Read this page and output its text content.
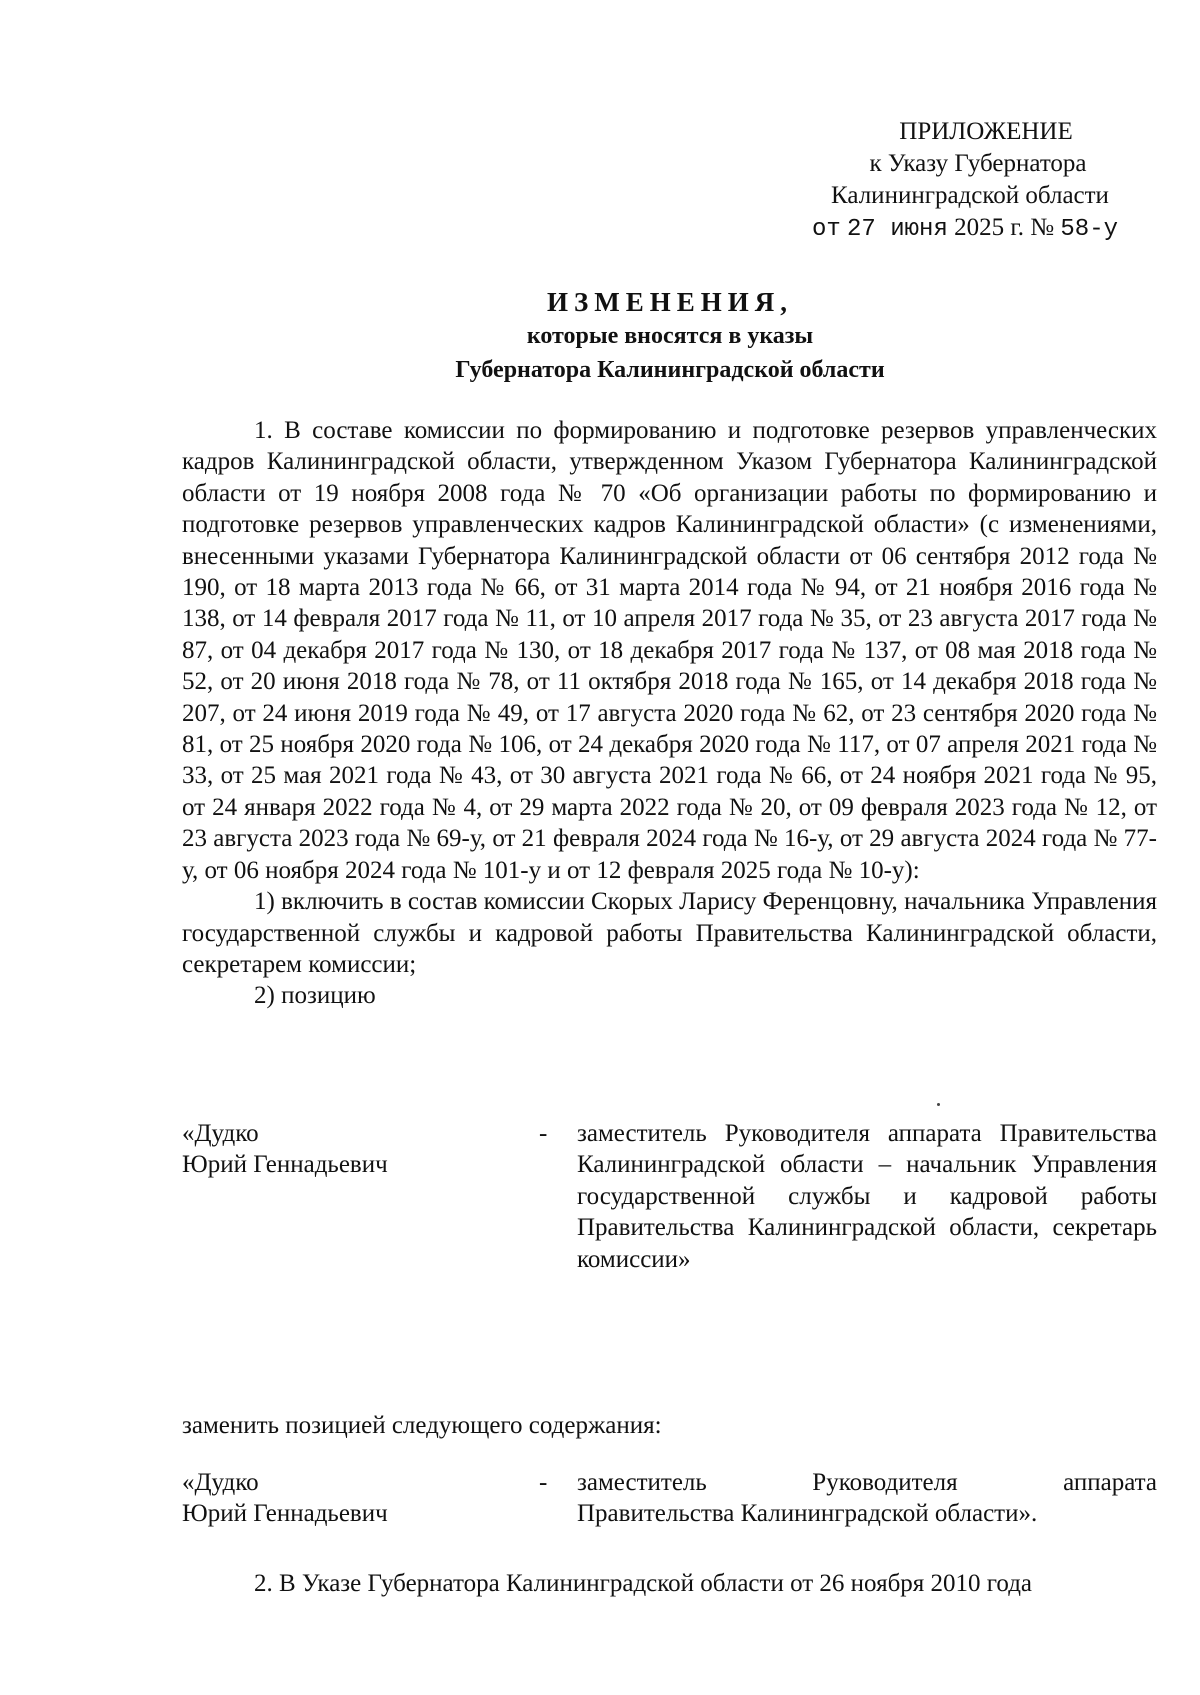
ПРИЛОЖЕНИЕ
к Указу Губернатора
Калининградской области
от 27 июня 2025 г. № 58-у
ИЗМЕНЕНИЯ,
которые вносятся в указы
Губернатора Калининградской области

1. В составе комиссии по формированию и подготовке резервов управленческих кадров Калининградской области, утвержденном Указом Губернатора Калининградской области от 19 ноября 2008 года № 70 «Об организации работы по формированию и подготовке резервов управленческих кадров Калининградской области» (с изменениями, внесенными указами Губернатора Калининградской области от 06 сентября 2012 года № 190, от 18 марта 2013 года № 66, от 31 марта 2014 года № 94, от 21 ноября 2016 года № 138, от 14 февраля 2017 года № 11, от 10 апреля 2017 года № 35, от 23 августа 2017 года № 87, от 04 декабря 2017 года № 130, от 18 декабря 2017 года № 137, от 08 мая 2018 года № 52, от 20 июня 2018 года № 78, от 11 октября 2018 года № 165, от 14 декабря 2018 года № 207, от 24 июня 2019 года № 49, от 17 августа 2020 года № 62, от 23 сентября 2020 года № 81, от 25 ноября 2020 года № 106, от 24 декабря 2020 года № 117, от 07 апреля 2021 года № 33, от 25 мая 2021 года № 43, от 30 августа 2021 года № 66, от 24 ноября 2021 года № 95, от 24 января 2022 года № 4, от 29 марта 2022 года № 20, от 09 февраля 2023 года № 12, от 23 августа 2023 года № 69-у, от 21 февраля 2024 года № 16-у, от 29 августа 2024 года № 77-у, от 06 ноября 2024 года № 101-у и от 12 февраля 2025 года № 10-у):

1) включить в состав комиссии Скорых Ларису Ференцовну, начальника Управления государственной службы и кадровой работы Правительства Калининградской области, секретарем комиссии;

2) позицию

«Дудко
Юрий Геннадьевич
- заместитель Руководителя аппарата Правительства Калининградской области – начальник Управления государственной службы и кадровой работы Правительства Калининградской области, секретарь
комиссии»
заменить позицией следующего содержания:
«Дудко
Юрий Геннадьевич
- заместитель Руководителя аппарата
Правительства Калининградской области».
2. В Указе Губернатора Калининградской области от 26 ноября 2010 года
